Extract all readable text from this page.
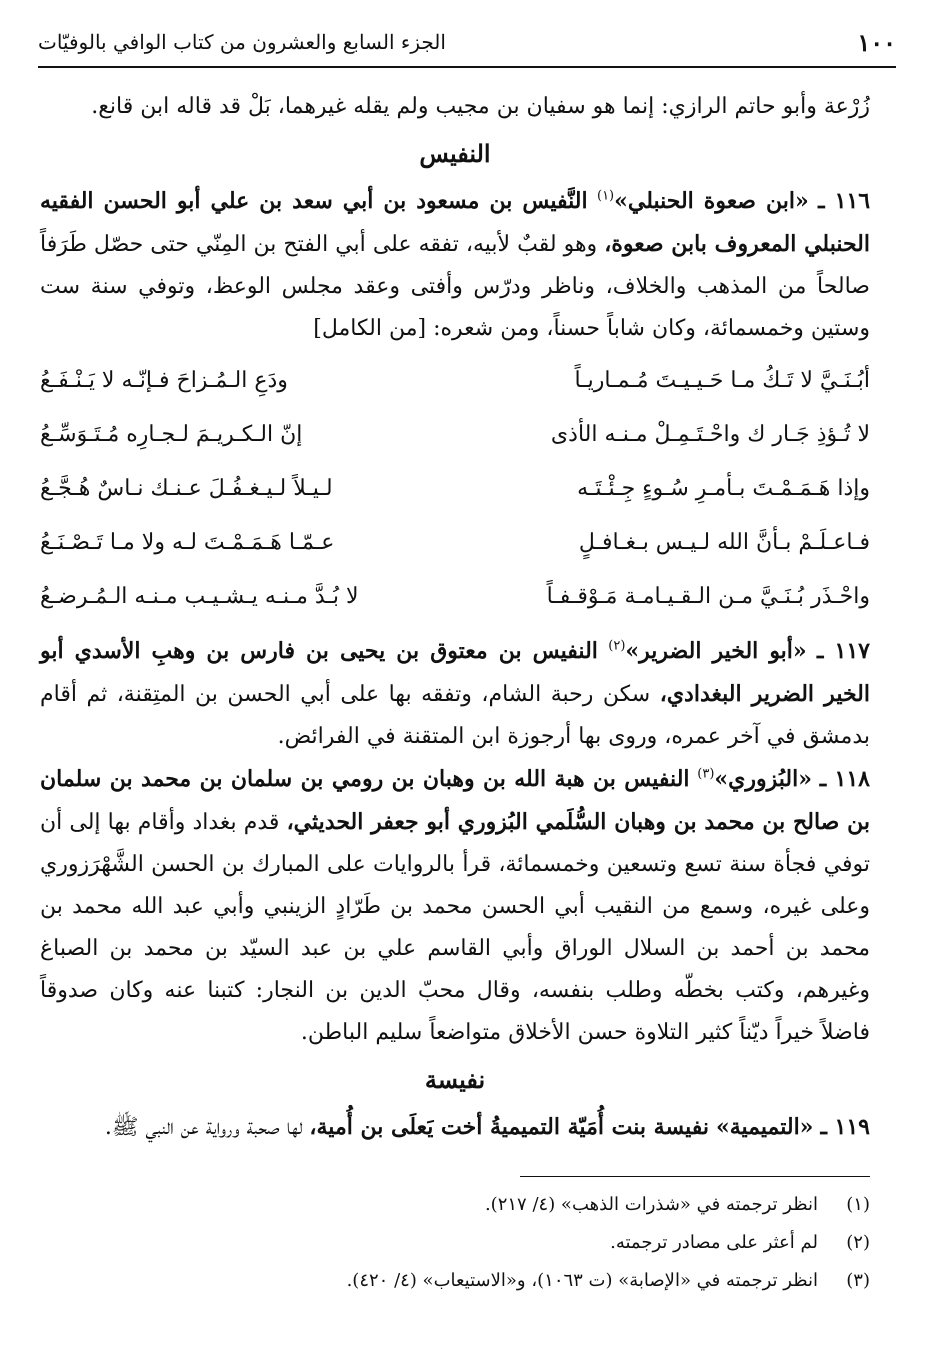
١٠٠
الجزء السابع والعشرون من كتاب الوافي بالوفيّات

زُرْعة وأبو حاتم الرازي: إنما هو سفيان بن مجيب ولم يقله غيرهما، بَلْ قد قاله ابن قانع.

النفيس

١١٦ ـ «ابن صعوة الحنبلي»$^{(١)}$ النَّفيس بن مسعود بن أبي سعد بن علي أبو الحسن الفقيه الحنبلي المعروف بابن صعوة، وهو لقبٌ لأبيه، تفقه على أبي الفتح بن المِنّي حتى حصّل طَرَفاً صالحاً من المذهب والخلاف، وناظر ودرّس وأفتى وعقد مجلس الوعظ، وتوفي سنة ست وستين وخمسمائة، وكان شاباً حسناً، ومن شعره: [من الكامل]

أبُـنَـيَّ لا تَـكُ مـا حَـيـيـتَ مُـمـاريـاً
ودَعِ الـمُـزاحَ فـإنّـه لا يَـنْـفَـعُ
لا تُـؤذِ جَـار ك واحْـتَـمِـلْ مـنـه الأذى
إنّ الـكـريـمَ لـجـارِه مُـتَـوَسِّـعُ
وإذا هَـمَـمْـتَ بـأمـرِ سُـوءٍ جِـئْـتَـه
لـيـلاً لـيـغـفُـلَ عـنـك نـاسٌ هُـجَّـعُ
فـاعـلَـمْ بـأنَّ الله لـيـس بـغـافـلٍ
عـمّـا هَـمَـمْـتَ لـه ولا مـا تَـصْـنَـعُ
واحْـذَر بُـنَـيَّ مـن الـقـيـامـة مَـوْقـفـاً
لا بُـدَّ مـنـه يـشـيـب مـنـه الـمُـرضـعُ

١١٧ ـ «أبو الخير الضرير»$^{(٢)}$ النفيس بن معتوق بن يحيى بن فارس بن وهبِ الأسدي أبو الخير الضرير البغدادي، سكن رحبة الشام، وتفقه بها على أبي الحسن بن المتِقنة، ثم أقام بدمشق في آخر عمره، وروى بها أرجوزة ابن المتقنة في الفرائض.

١١٨ ـ «البُزوري»$^{(٣)}$ النفيس بن هبة الله بن وهبان بن رومي بن سلمان بن محمد بن سلمان بن صالح بن محمد بن وهبان السُّلَمي البُزوري أبو جعفر الحديثي، قدم بغداد وأقام بها إلى أن توفي فجأة سنة تسع وتسعين وخمسمائة، قرأ بالروايات على المبارك بن الحسن الشَّهْرَزوري وعلى غيره، وسمع من النقيب أبي الحسن محمد بن طَرّادٍ الزينبي وأبي عبد الله محمد بن محمد بن أحمد بن السلال الوراق وأبي القاسم علي بن عبد السيّد بن محمد بن الصباغ وغيرهم، وكتب بخطّه وطلب بنفسه، وقال محبّ الدين بن النجار: كتبنا عنه وكان صدوقاً فاضلاً خيراً ديّناً كثير التلاوة حسن الأخلاق متواضعاً سليم الباطن.

نفيسة

١١٩ ـ «التميمية» نفيسة بنت أُمَيّة التميميةُ أخت يَعلَى بن أُمية، لها صحبة ورواية عن النبي ﷺ.

(١)
انظر ترجمته في «شذرات الذهب» (٤/ ٢١٧).
(٢)
لم أعثر على مصادر ترجمته.
(٣)
انظر ترجمته في «الإصابة» (ت ١٠٦٣)، و«الاستيعاب» (٤/ ٤٢٠).
